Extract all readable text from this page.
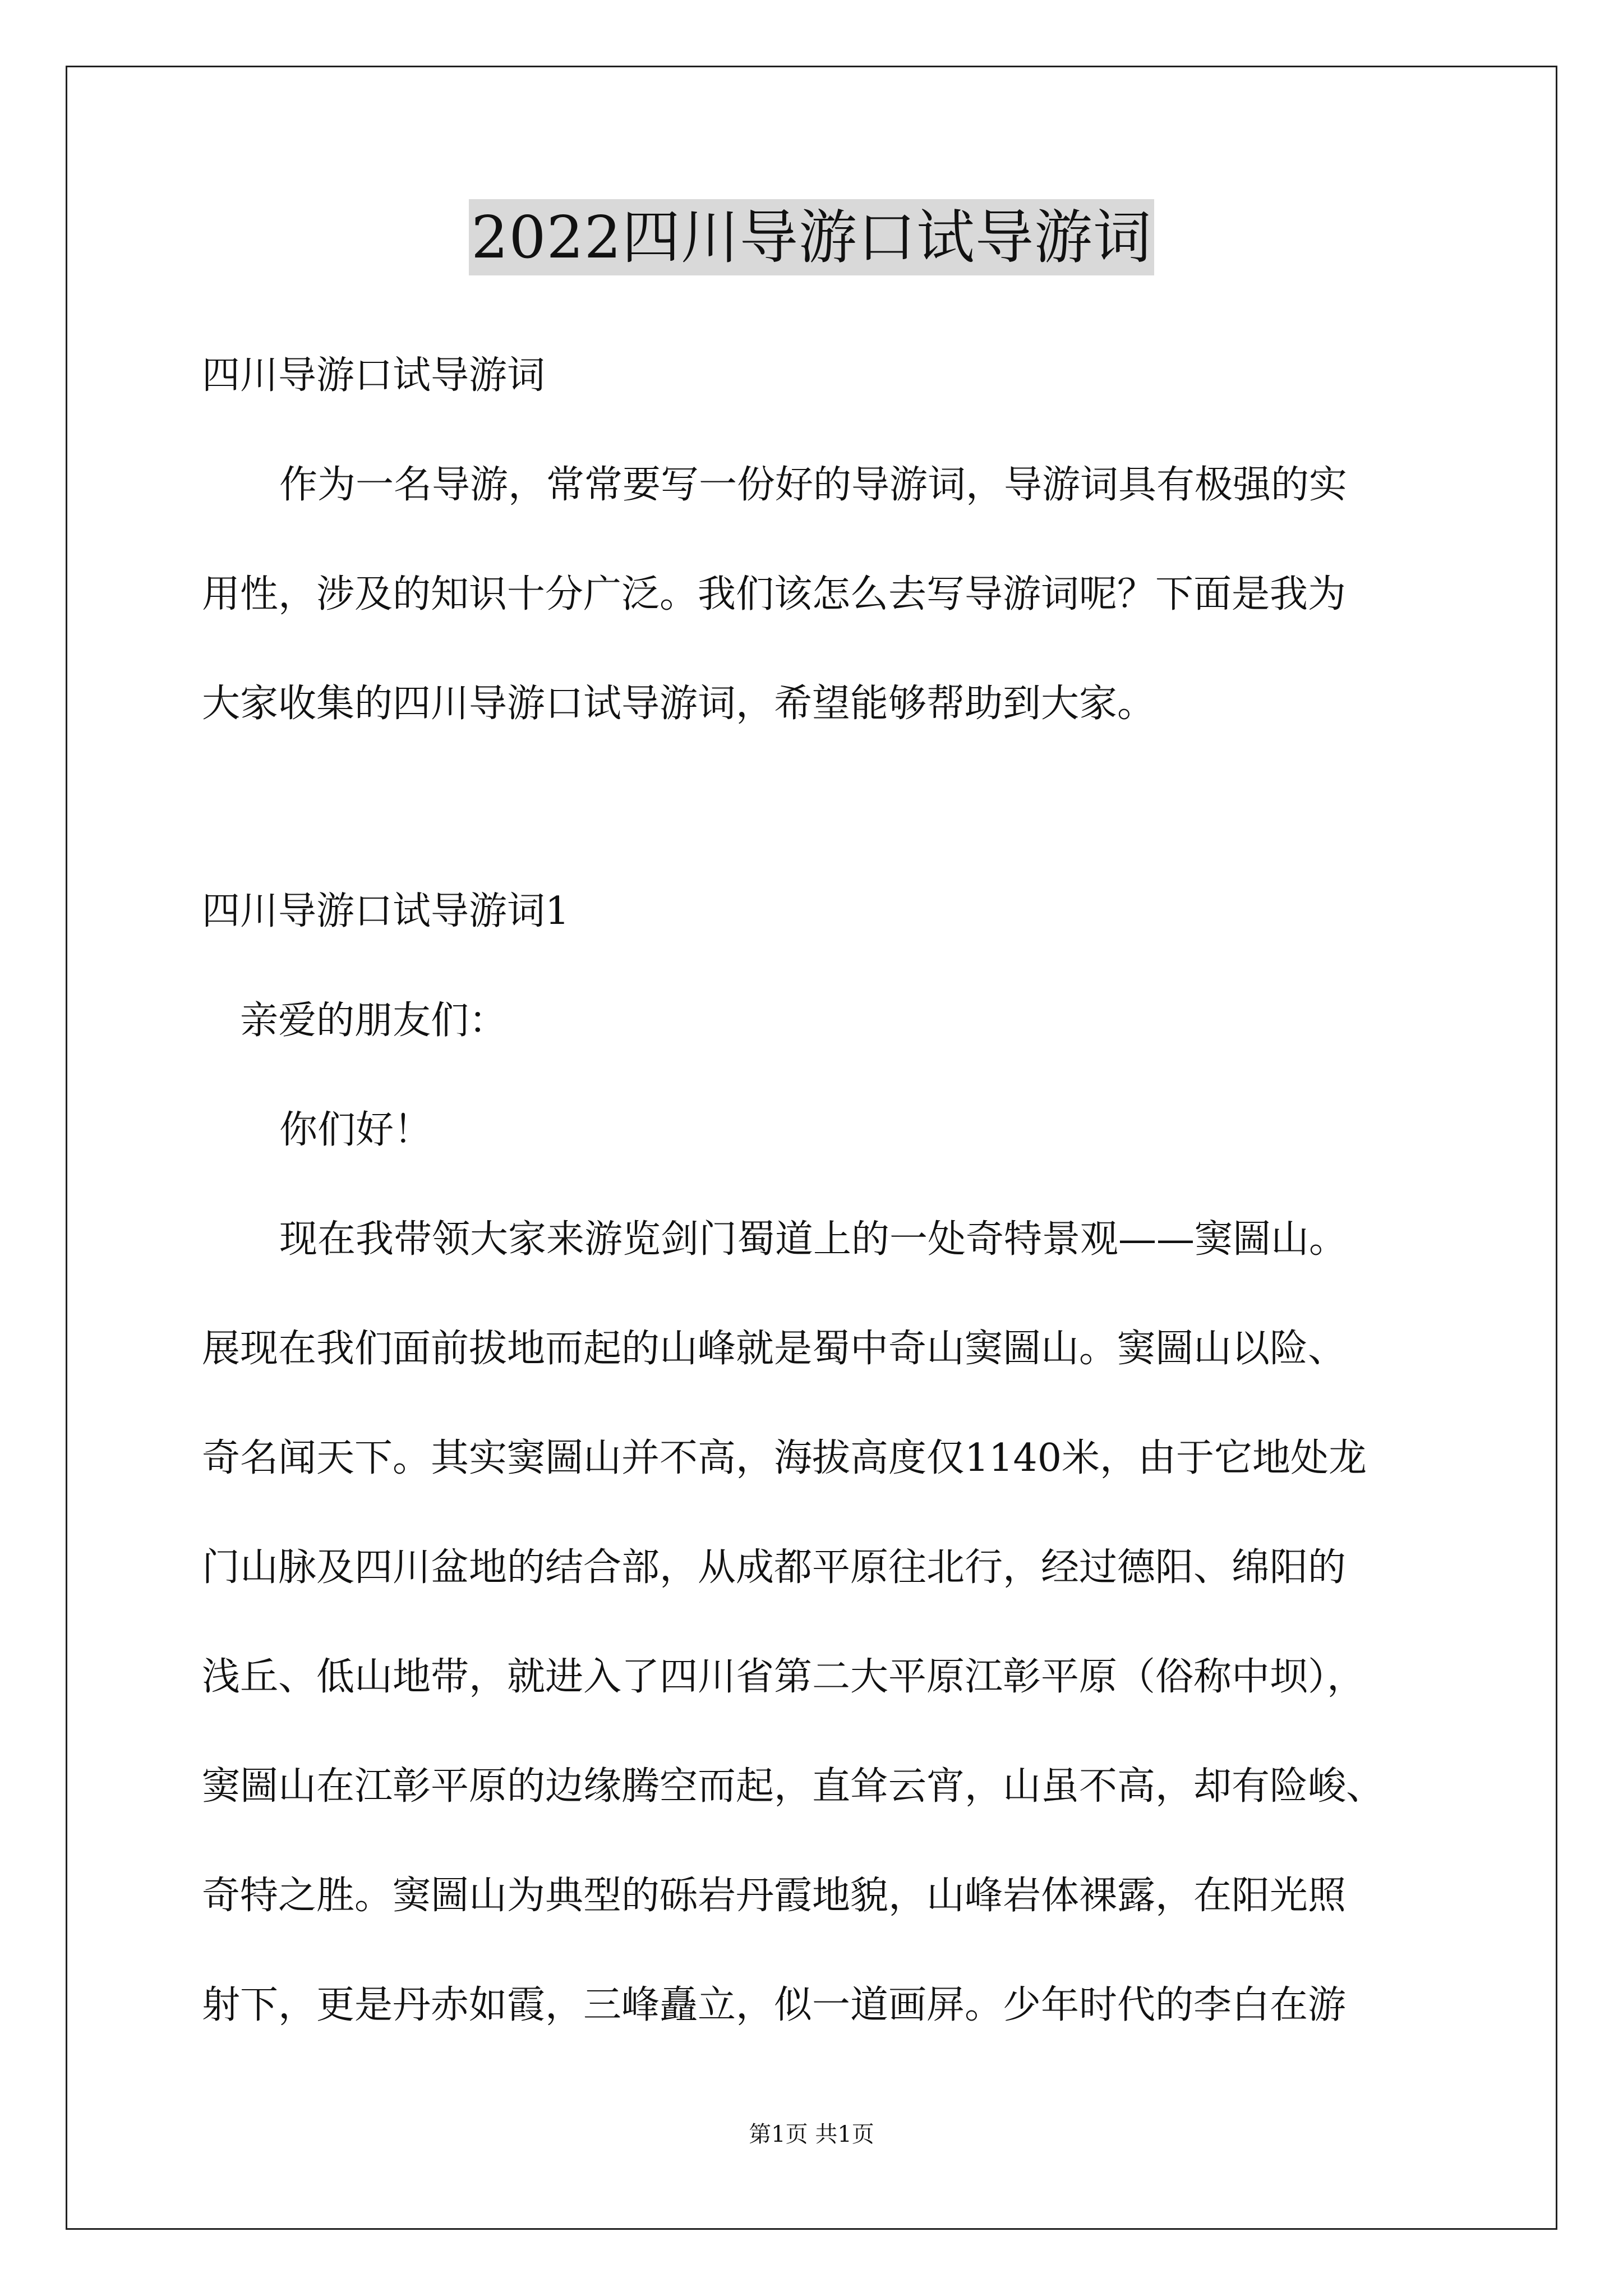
2022四川导游口试导游词
四川导游口试导游词
作为一名导游，常常要写一份好的导游词，导游词具有极强的实
用性，涉及的知识十分广泛。我们该怎么去写导游词呢？下面是我为
大家收集的四川导游口试导游词，希望能够帮助到大家。
四川导游口试导游词1
亲爱的朋友们：
你们好！
现在我带领大家来游览剑门蜀道上的一处奇特景观——窦圌山。
展现在我们面前拔地而起的山峰就是蜀中奇山窦圌山。窦圌山以险、
奇名闻天下。其实窦圌山并不高，海拔高度仅1140米，由于它地处龙
门山脉及四川盆地的结合部，从成都平原往北行，经过德阳、绵阳的
浅丘、低山地带，就进入了四川省第二大平原江彰平原（俗称中坝），
窦圌山在江彰平原的边缘腾空而起，直耸云宵，山虽不高，却有险峻、
奇特之胜。窦圌山为典型的砾岩丹霞地貌，山峰岩体裸露，在阳光照
射下，更是丹赤如霞，三峰矗立，似一道画屏。少年时代的李白在游
第1页 共1页
